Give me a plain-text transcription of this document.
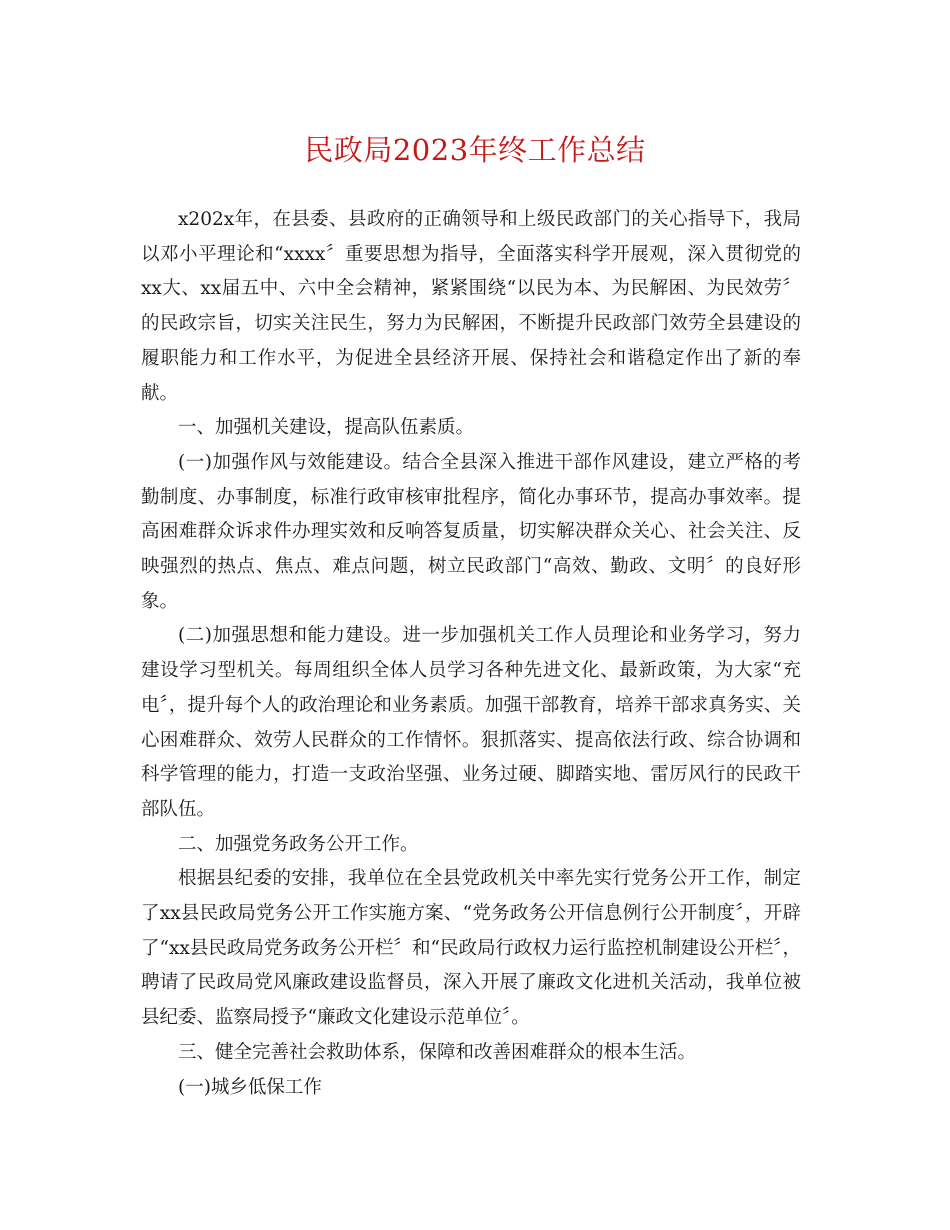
民政局2023年终工作总结

x202x年，在县委、县政府的正确领导和上级民政部门的关心指导下，我局以邓小平理论和“xxxx〞重要思想为指导，全面落实科学开展观，深入贯彻党的xx大、xx届五中、六中全会精神，紧紧围绕“以民为本、为民解困、为民效劳〞的民政宗旨，切实关注民生，努力为民解困，不断提升民政部门效劳全县建设的履职能力和工作水平，为促进全县经济开展、保持社会和谐稳定作出了新的奉献。

一、加强机关建设，提高队伍素质。

(一)加强作风与效能建设。结合全县深入推进干部作风建设，建立严格的考勤制度、办事制度，标准行政审核审批程序，简化办事环节，提高办事效率。提高困难群众诉求件办理实效和反响答复质量，切实解决群众关心、社会关注、反映强烈的热点、焦点、难点问题，树立民政部门“高效、勤政、文明〞的良好形象。

(二)加强思想和能力建设。进一步加强机关工作人员理论和业务学习，努力建设学习型机关。每周组织全体人员学习各种先进文化、最新政策，为大家“充电〞，提升每个人的政治理论和业务素质。加强干部教育，培养干部求真务实、关心困难群众、效劳人民群众的工作情怀。狠抓落实、提高依法行政、综合协调和科学管理的能力，打造一支政治坚强、业务过硬、脚踏实地、雷厉风行的民政干部队伍。

二、加强党务政务公开工作。

根据县纪委的安排，我单位在全县党政机关中率先实行党务公开工作，制定了xx县民政局党务公开工作实施方案、“党务政务公开信息例行公开制度〞，开辟了“xx县民政局党务政务公开栏〞和“民政局行政权力运行监控机制建设公开栏〞，聘请了民政局党风廉政建设监督员，深入开展了廉政文化进机关活动，我单位被县纪委、监察局授予“廉政文化建设示范单位〞。

三、健全完善社会救助体系，保障和改善困难群众的根本生活。

(一)城乡低保工作
